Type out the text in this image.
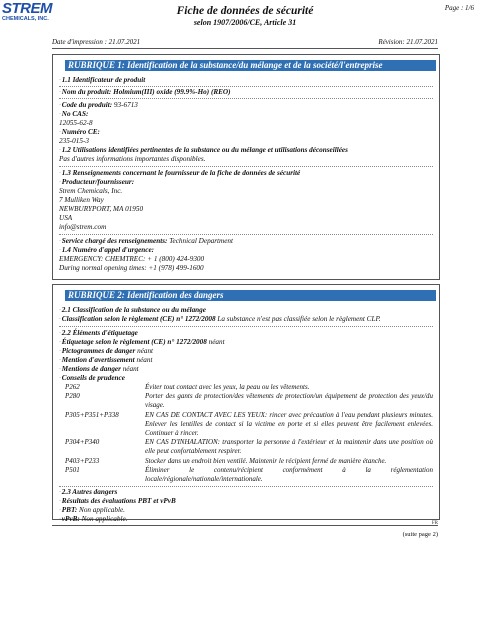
STREM
CHEMICALS, INC.
Fiche de données de sécurité
selon 1907/2006/CE, Article 31
Page : 1/6
Date d'impression : 21.07.2021	Révision: 21.07.2021
RUBRIQUE 1: Identification de la substance/du mélange et de la société/l'entreprise
·1.1 Identificateur de produit
·Nom du produit: Holmium(III) oxide (99.9%-Ho) (REO)
·Code du produit: 93-6713
·No CAS:
12055-62-8
·Numéro CE:
235-015-3
·1.2 Utilisations identifiées pertinentes de la substance ou du mélange et utilisations déconseillées
Pas d'autres informations importantes disponibles.
·1.3 Renseignements concernant le fournisseur de la fiche de données de sécurité
·Producteur/fournisseur:
Strem Chemicals, Inc.
7 Mulliken Way
NEWBURYPORT, MA 01950
USA
info@strem.com
·Service chargé des renseignements: Technical Department
·1.4 Numéro d'appel d'urgence:
EMERGENCY: CHEMTREC: + 1 (800) 424-9300
During normal opening times: +1 (978) 499-1600
RUBRIQUE 2: Identification des dangers
·2.1 Classification de la substance ou du mélange
·Classification selon le règlement (CE) n° 1272/2008 La substance n'est pas classifiée selon le règlement CLP.
·2.2 Éléments d'étiquetage
·Étiquetage selon le règlement (CE) n° 1272/2008 néant
·Pictogrammes de danger néant
·Mention d'avertissement néant
·Mentions de danger néant
·Conseils de prudence
P262	Éviter tout contact avec les yeux, la peau ou les vêtements.
P280	Porter des gants de protection/des vêtements de protection/un équipement de protection des yeux/du visage.
P305+P351+P338	EN CAS DE CONTACT AVEC LES YEUX: rincer avec précaution à l'eau pendant plusieurs minutes. Enlever les lentilles de contact si la victime en porte et si elles peuvent être facilement enlevées. Continuer à rincer.
P304+P340	EN CAS D'INHALATION: transporter la personne à l'extérieur et la maintenir dans une position où elle peut confortablement respirer.
P403+P233	Stocker dans un endroit bien ventilé. Maintenir le récipient fermé de manière étanche.
P501	Éliminer le contenu/récipient conformément à la réglementation locale/régionale/nationale/internationale.
·2.3 Autres dangers
·Résultats des évaluations PBT et vPvB
·PBT: Non applicable.
·vPvB: Non applicable.
FR
(suite page 2)
